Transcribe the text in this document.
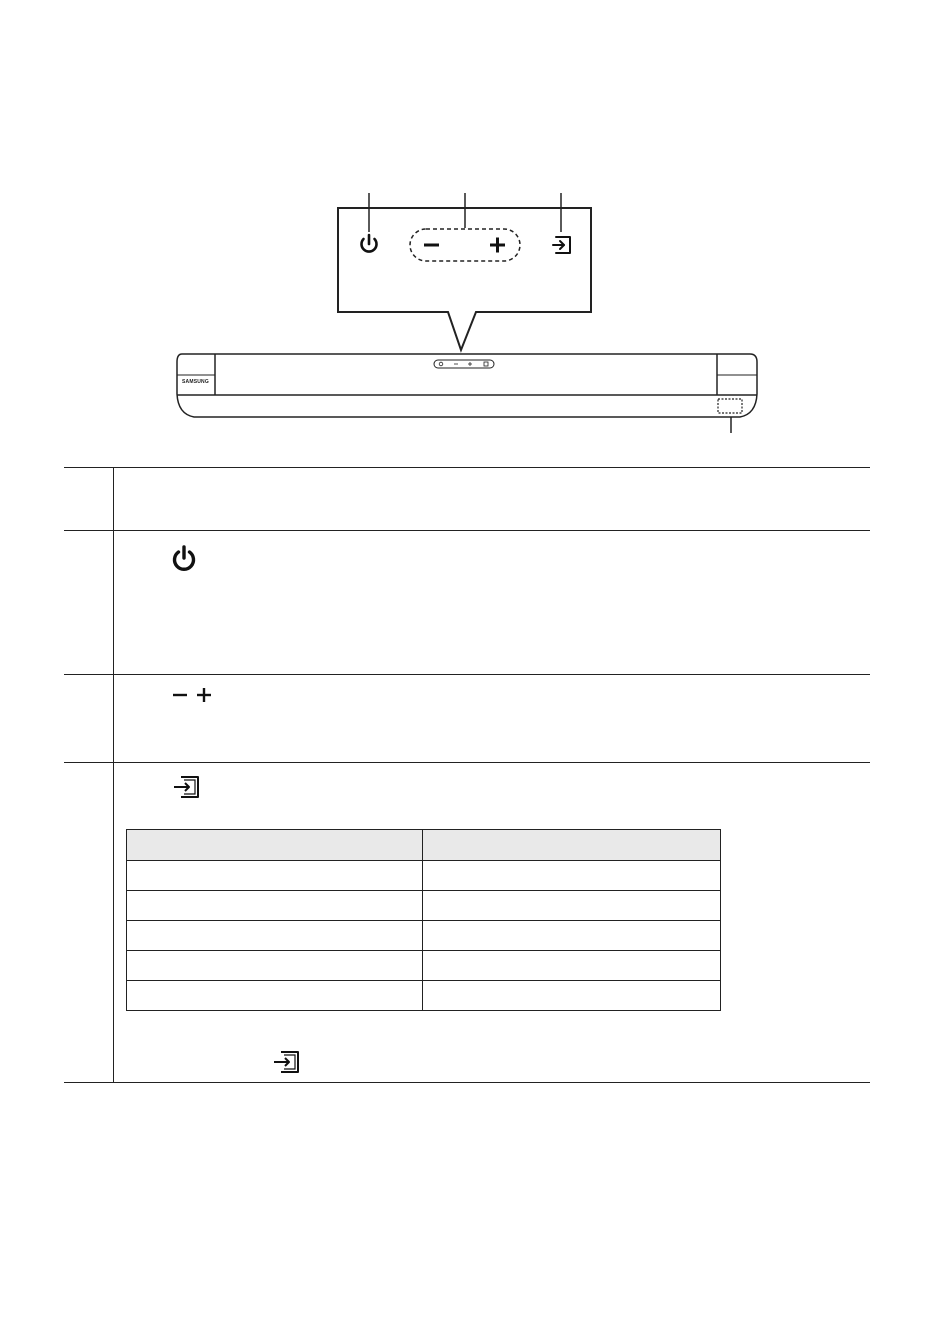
SAMSUNG
